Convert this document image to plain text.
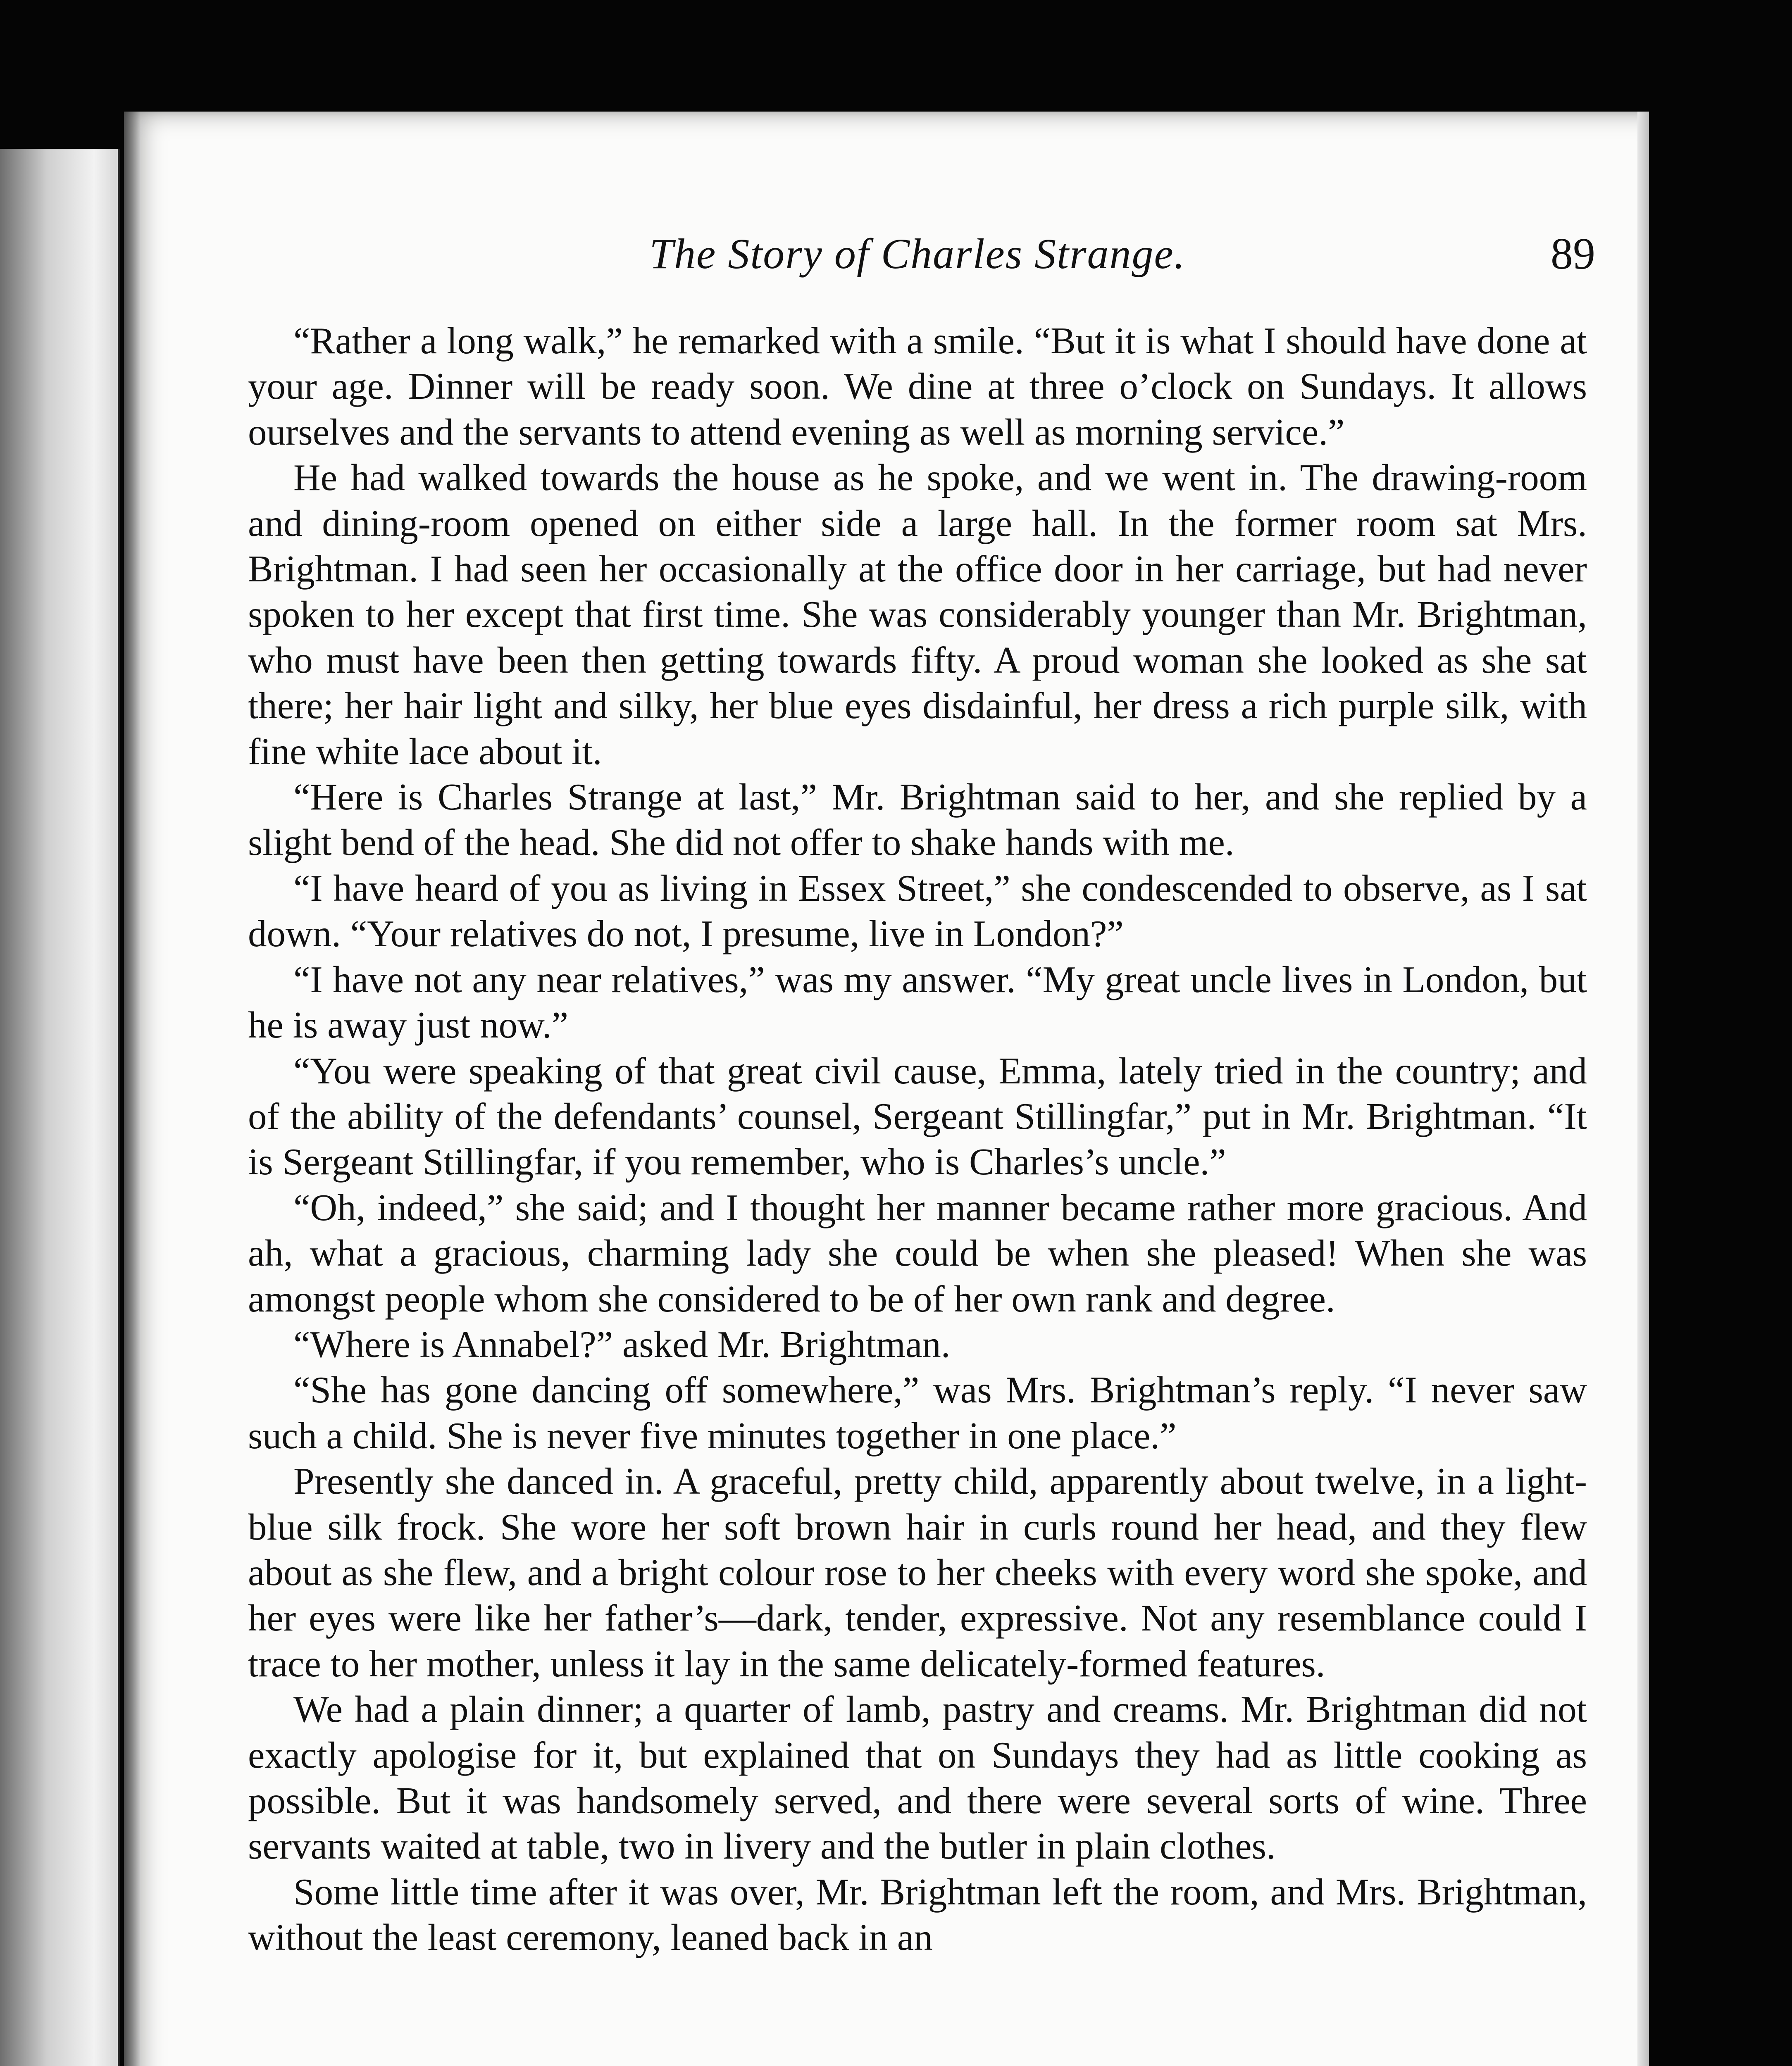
The Story of Charles Strange.	89

“Rather a long walk,” he remarked with a smile. “But it is what I should have done at your age. Dinner will be ready soon. We dine at three o’clock on Sundays. It allows ourselves and the servants to attend evening as well as morning service.”

He had walked towards the house as he spoke, and we went in. The drawing-room and dining-room opened on either side a large hall. In the former room sat Mrs. Brightman. I had seen her occasionally at the office door in her carriage, but had never spoken to her except that first time. She was considerably younger than Mr. Brightman, who must have been then getting towards fifty. A proud woman she looked as she sat there; her hair light and silky, her blue eyes disdainful, her dress a rich purple silk, with fine white lace about it.

“Here is Charles Strange at last,” Mr. Brightman said to her, and she replied by a slight bend of the head. She did not offer to shake hands with me.

“I have heard of you as living in Essex Street,” she condescended to observe, as I sat down. “Your relatives do not, I presume, live in London?”

“I have not any near relatives,” was my answer. “My great uncle lives in London, but he is away just now.”

“You were speaking of that great civil cause, Emma, lately tried in the country; and of the ability of the defendants’ counsel, Sergeant Stillingfar,” put in Mr. Brightman. “It is Sergeant Stillingfar, if you remember, who is Charles’s uncle.”

“Oh, indeed,” she said; and I thought her manner became rather more gracious. And ah, what a gracious, charming lady she could be when she pleased! When she was amongst people whom she considered to be of her own rank and degree.

“Where is Annabel?” asked Mr. Brightman.

“She has gone dancing off somewhere,” was Mrs. Brightman’s reply. “I never saw such a child. She is never five minutes together in one place.”

Presently she danced in. A graceful, pretty child, apparently about twelve, in a light-blue silk frock. She wore her soft brown hair in curls round her head, and they flew about as she flew, and a bright colour rose to her cheeks with every word she spoke, and her eyes were like her father’s—dark, tender, expressive. Not any resemblance could I trace to her mother, unless it lay in the same delicately-formed features.

We had a plain dinner; a quarter of lamb, pastry and creams. Mr. Brightman did not exactly apologise for it, but explained that on Sundays they had as little cooking as possible. But it was handsomely served, and there were several sorts of wine. Three servants waited at table, two in livery and the butler in plain clothes.

Some little time after it was over, Mr. Brightman left the room, and Mrs. Brightman, without the least ceremony, leaned back in an
